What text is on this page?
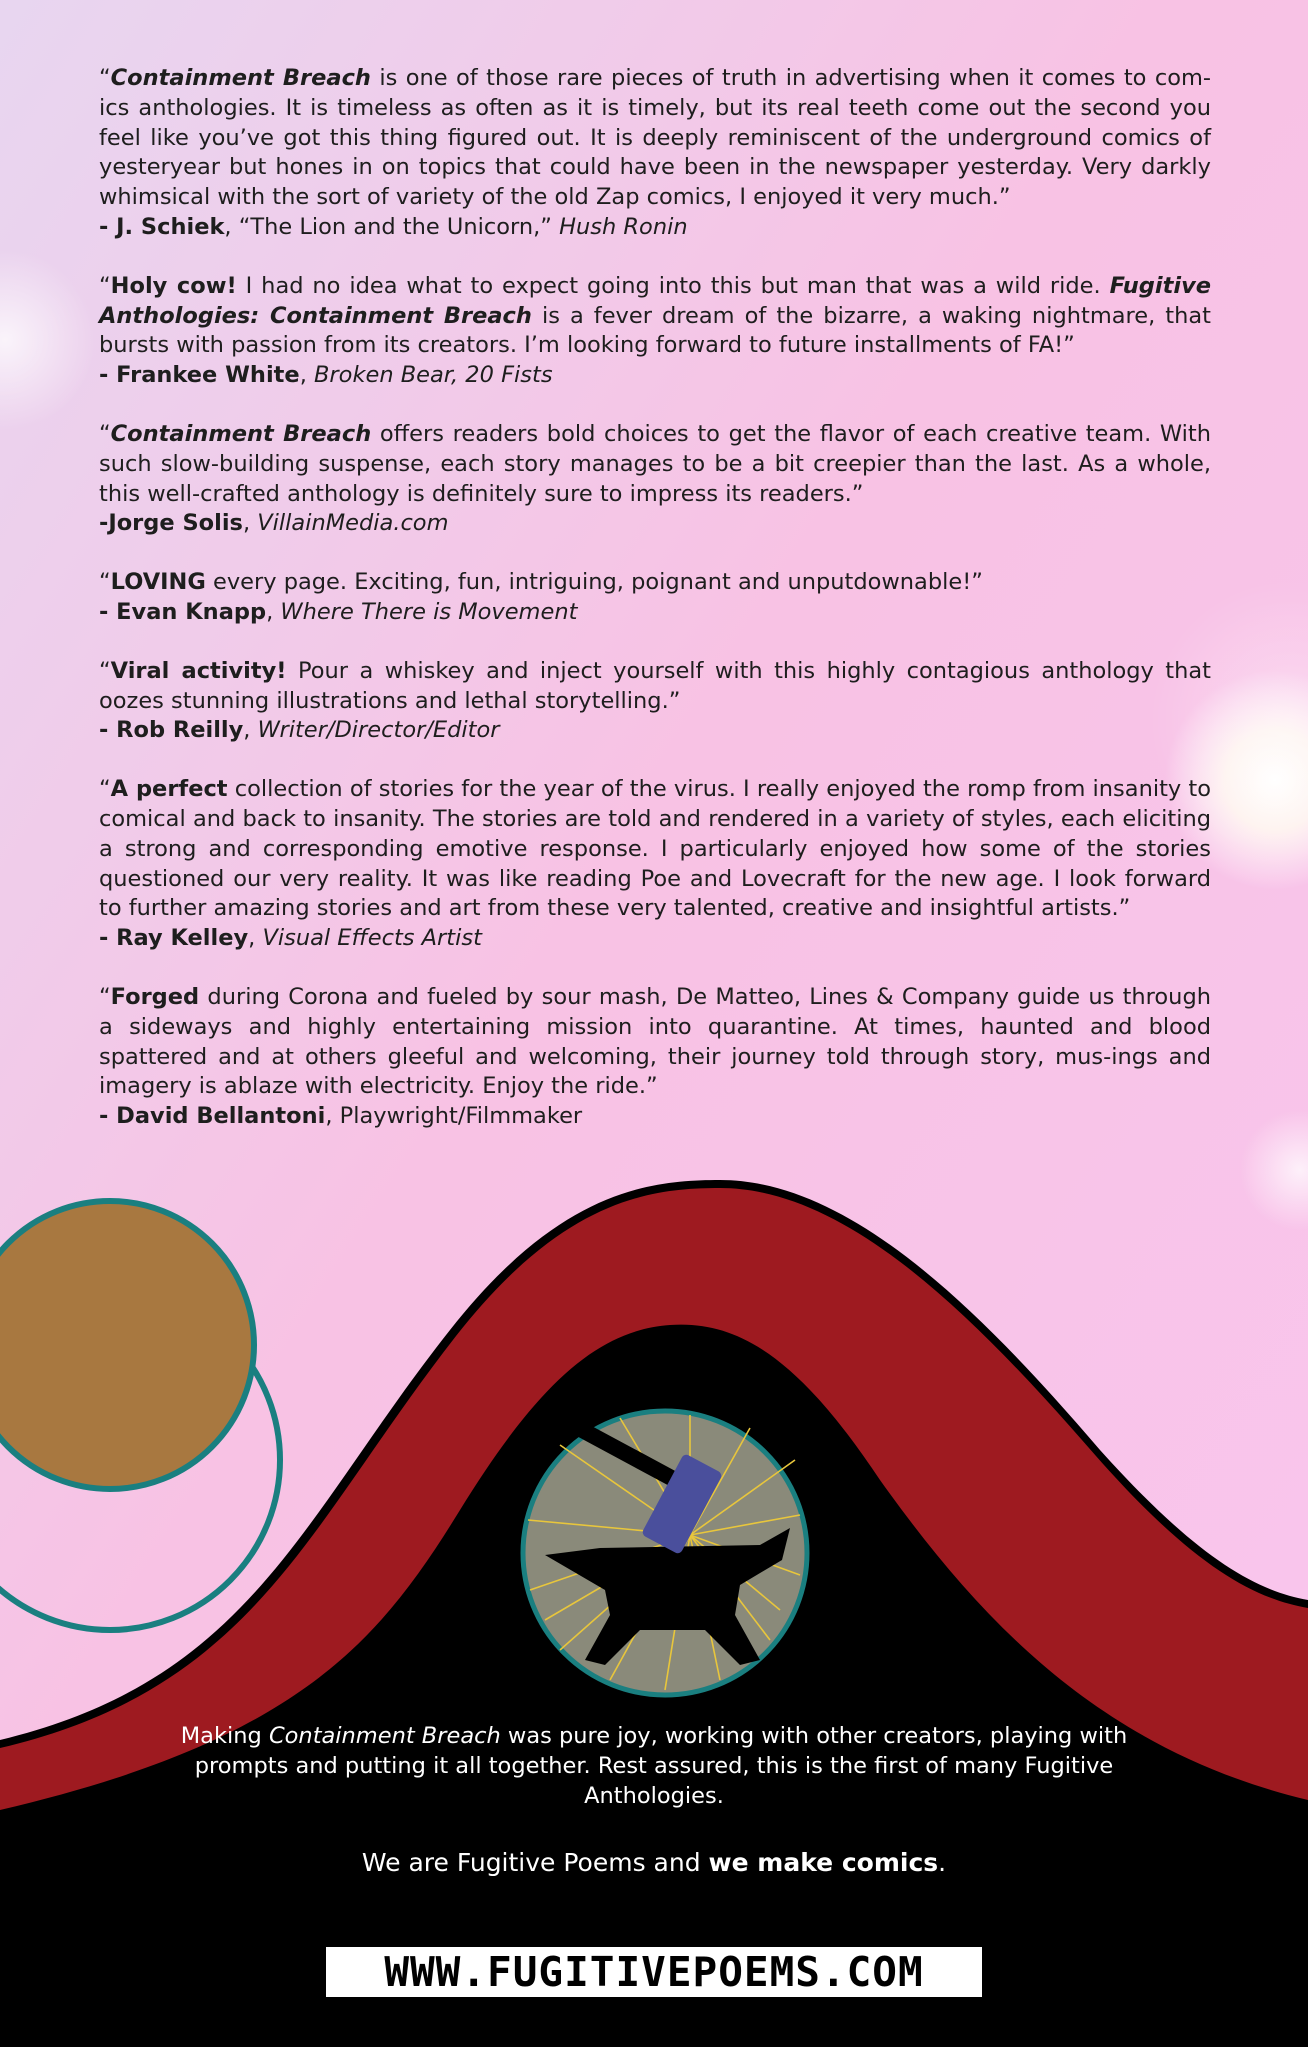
“Containment Breach is one of those rare pieces of truth in advertising when it comes to com-ics anthologies. It is timeless as often as it is timely, but its real teeth come out the second you feel like you’ve got this thing figured out. It is deeply reminiscent of the underground comics of yesteryear but hones in on topics that could have been in the newspaper yesterday. Very darkly whimsical with the sort of variety of the old Zap comics, I enjoyed it very much.”

- J. Schiek, “The Lion and the Unicorn,” Hush Ronin

“Holy cow! I had no idea what to expect going into this but man that was a wild ride. Fugitive Anthologies: Containment Breach is a fever dream of the bizarre, a waking nightmare, that bursts with passion from its creators. I’m looking forward to future installments of FA!”

- Frankee White, Broken Bear, 20 Fists

“Containment Breach offers readers bold choices to get the flavor of each creative team. With such slow-building suspense, each story manages to be a bit creepier than the last. As a whole, this well-crafted anthology is definitely sure to impress its readers.”

-Jorge Solis, VillainMedia.com

“LOVING every page. Exciting, fun, intriguing, poignant and unputdownable!”

- Evan Knapp, Where There is Movement

“Viral activity! Pour a whiskey and inject yourself with this highly contagious anthology that oozes stunning illustrations and lethal storytelling.”

- Rob Reilly, Writer/Director/Editor

“A perfect collection of stories for the year of the virus. I really enjoyed the romp from insanity to comical and back to insanity. The stories are told and rendered in a variety of styles, each eliciting a strong and corresponding emotive response. I particularly enjoyed how some of the stories questioned our very reality. It was like reading Poe and Lovecraft for the new age. I look forward to further amazing stories and art from these very talented, creative and insightful artists.”

- Ray Kelley, Visual Effects Artist

“Forged during Corona and fueled by sour mash, De Matteo, Lines & Company guide us through a sideways and highly entertaining mission into quarantine. At times, haunted and blood spattered and at others gleeful and welcoming, their journey told through story, mus-ings and imagery is ablaze with electricity. Enjoy the ride.”

- David Bellantoni, Playwright/Filmmaker

Making Containment Breach was pure joy, working with other creators, playing with prompts and putting it all together. Rest assured, this is the first of many Fugitive Anthologies.

We are Fugitive Poems and we make comics.
WWW.FUGITIVEPOEMS.COM
